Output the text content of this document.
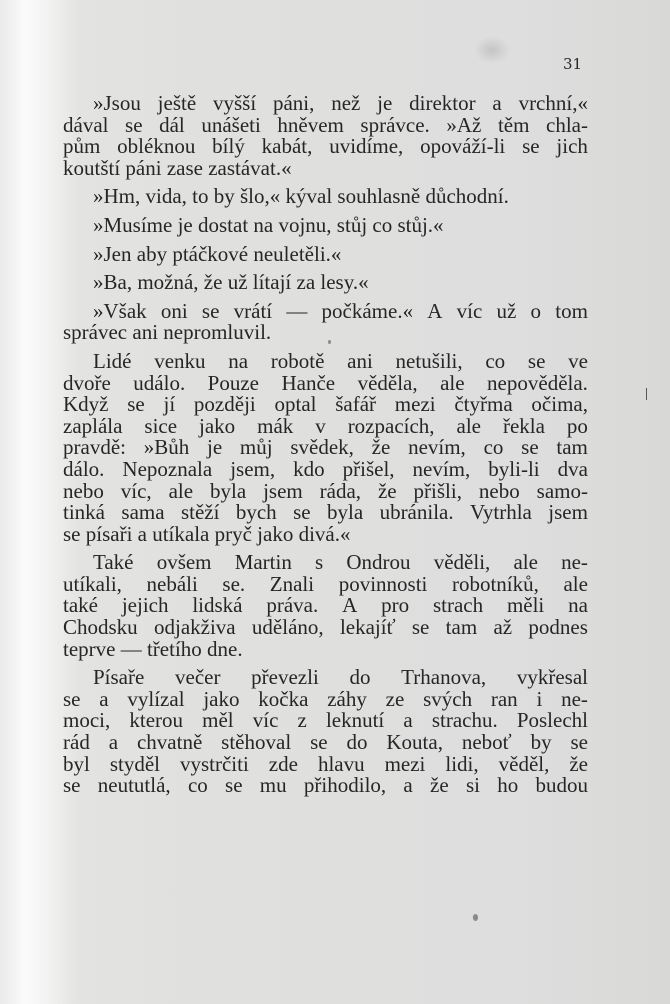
31
»Jsou ještě vyšší páni, než je direktor a vrchní,«
dával se dál unášeti hněvem správce. »Až těm chla-
pům obléknou bílý kabát, uvidíme, opováží-li se jich
koutští páni zase zastávat.«
»Hm, vida, to by šlo,« kýval souhlasně důchodní.
»Musíme je dostat na vojnu, stůj co stůj.«
»Jen aby ptáčkové neuletěli.«
»Ba, možná, že už lítají za lesy.«
»Však oni se vrátí — počkáme.« A víc už o tom
správec ani nepromluvil.
Lidé venku na robotě ani netušili, co se ve
dvoře událo. Pouze Hanče věděla, ale nepověděla.
Když se jí později optal šafář mezi čtyřma očima,
zaplála sice jako mák v rozpacích, ale řekla po
pravdě: »Bůh je můj svědek, že nevím, co se tam
dálo. Nepoznala jsem, kdo přišel, nevím, byli-li dva
nebo víc, ale byla jsem ráda, že přišli, nebo samo-
tinká sama stěží bych se byla ubránila. Vytrhla jsem
se písaři a utíkala pryč jako divá.«
Také ovšem Martin s Ondrou věděli, ale ne-
utíkali, nebáli se. Znali povinnosti robotníků, ale
také jejich lidská práva. A pro strach měli na
Chodsku odjakživa uděláno, lekajíť se tam až podnes
teprve — třetího dne.
Písaře večer převezli do Trhanova, vykřesal
se a vylízal jako kočka záhy ze svých ran i ne-
moci, kterou měl víc z leknutí a strachu. Poslechl
rád a chvatně stěhoval se do Kouta, neboť by se
byl styděl vystrčiti zde hlavu mezi lidi, věděl, že
se neututlá, co se mu přihodilo, a že si ho budou
